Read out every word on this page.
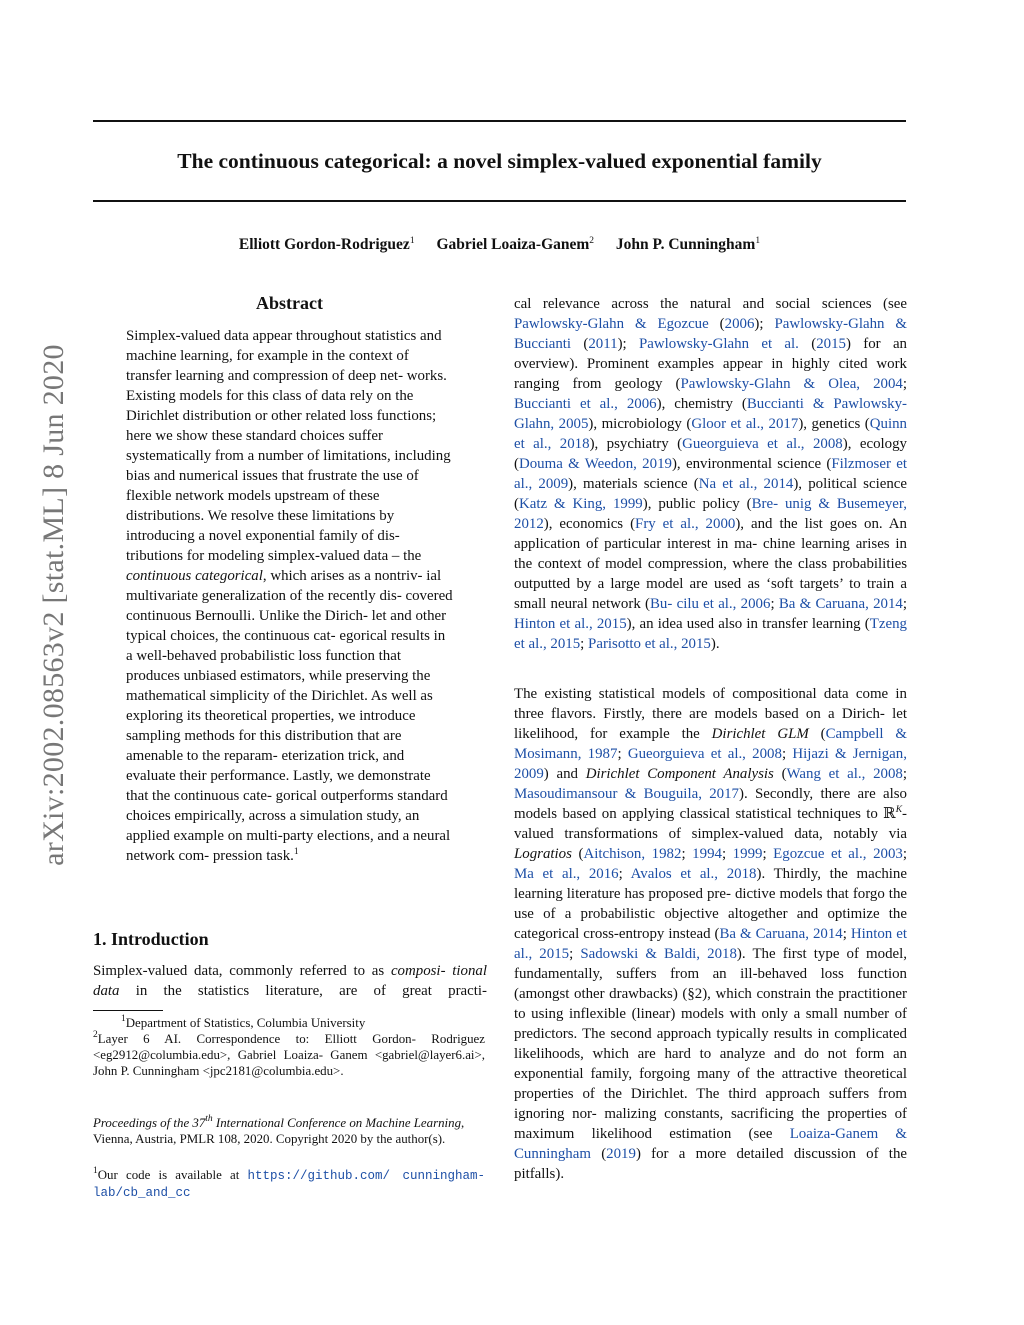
The continuous categorical: a novel simplex-valued exponential family
Elliott Gordon-Rodriguez$^1$ Gabriel Loaiza-Ganem$^2$ John P. Cunningham$^1$
arXiv:2002.08563v2 [stat.ML] 8 Jun 2020
Abstract

Simplex-valued data appear throughout statistics and machine learning, for example in the context of transfer learning and compression of deep net- works. Existing models for this class of data rely on the Dirichlet distribution or other related loss functions; here we show these standard choices suffer systematically from a number of limitations, including bias and numerical issues that frustrate the use of flexible network models upstream of these distributions. We resolve these limitations by introducing a novel exponential family of dis- tributions for modeling simplex-valued data – the continuous categorical, which arises as a nontriv- ial multivariate generalization of the recently dis- covered continuous Bernoulli. Unlike the Dirich- let and other typical choices, the continuous cat- egorical results in a well-behaved probabilistic loss function that produces unbiased estimators, while preserving the mathematical simplicity of the Dirichlet. As well as exploring its theoretical properties, we introduce sampling methods for this distribution that are amenable to the reparam- eterization trick, and evaluate their performance. Lastly, we demonstrate that the continuous cate- gorical outperforms standard choices empirically, across a simulation study, an applied example on multi-party elections, and a neural network com- pression task.$^1$

1. Introduction

Simplex-valued data, commonly referred to as composi- tional data in the statistics literature, are of great practi-

$^1$Department of Statistics, Columbia University
$^2$Layer 6 AI. Correspondence to: Elliott Gordon- Rodriguez <eg2912@columbia.edu>, Gabriel Loaiza- Ganem <gabriel@layer6.ai>, John P. Cunningham <jpc2181@columbia.edu>.

Proceedings of the 37th International Conference on Machine Learning, Vienna, Austria, PMLR 108, 2020. Copyright 2020 by the author(s).

$^1$Our code is available at https://github.com/ cunningham-lab/cb_and_cc

cal relevance across the natural and social sciences (see Pawlowsky-Glahn & Egozcue (2006); Pawlowsky-Glahn & Buccianti (2011); Pawlowsky-Glahn et al. (2015) for an overview). Prominent examples appear in highly cited work ranging from geology (Pawlowsky-Glahn & Olea, 2004; Buccianti et al., 2006), chemistry (Buccianti & Pawlowsky- Glahn, 2005), microbiology (Gloor et al., 2017), genetics (Quinn et al., 2018), psychiatry (Gueorguieva et al., 2008), ecology (Douma & Weedon, 2019), environmental science (Filzmoser et al., 2009), materials science (Na et al., 2014), political science (Katz & King, 1999), public policy (Bre- unig & Busemeyer, 2012), economics (Fry et al., 2000), and the list goes on. An application of particular interest in ma- chine learning arises in the context of model compression, where the class probabilities outputted by a large model are used as ‘soft targets’ to train a small neural network (Bu- cilu et al., 2006; Ba & Caruana, 2014; Hinton et al., 2015), an idea used also in transfer learning (Tzeng et al., 2015; Parisotto et al., 2015).

The existing statistical models of compositional data come in three flavors. Firstly, there are models based on a Dirich- let likelihood, for example the Dirichlet GLM (Campbell & Mosimann, 1987; Gueorguieva et al., 2008; Hijazi & Jernigan, 2009) and Dirichlet Component Analysis (Wang et al., 2008; Masoudimansour & Bouguila, 2017). Secondly, there are also models based on applying classical statistical techniques to ℝ$^K$-valued transformations of simplex-valued data, notably via Logratios (Aitchison, 1982; 1994; 1999; Egozcue et al., 2003; Ma et al., 2016; Avalos et al., 2018). Thirdly, the machine learning literature has proposed pre- dictive models that forgo the use of a probabilistic objective altogether and optimize the categorical cross-entropy instead (Ba & Caruana, 2014; Hinton et al., 2015; Sadowski & Baldi, 2018). The first type of model, fundamentally, suffers from an ill-behaved loss function (amongst other drawbacks) (§2), which constrain the practitioner to using inflexible (linear) models with only a small number of predictors. The second approach typically results in complicated likelihoods, which are hard to analyze and do not form an exponential family, forgoing many of the attractive theoretical properties of the Dirichlet. The third approach suffers from ignoring nor- malizing constants, sacrificing the properties of maximum likelihood estimation (see Loaiza-Ganem & Cunningham (2019) for a more detailed discussion of the pitfalls).
